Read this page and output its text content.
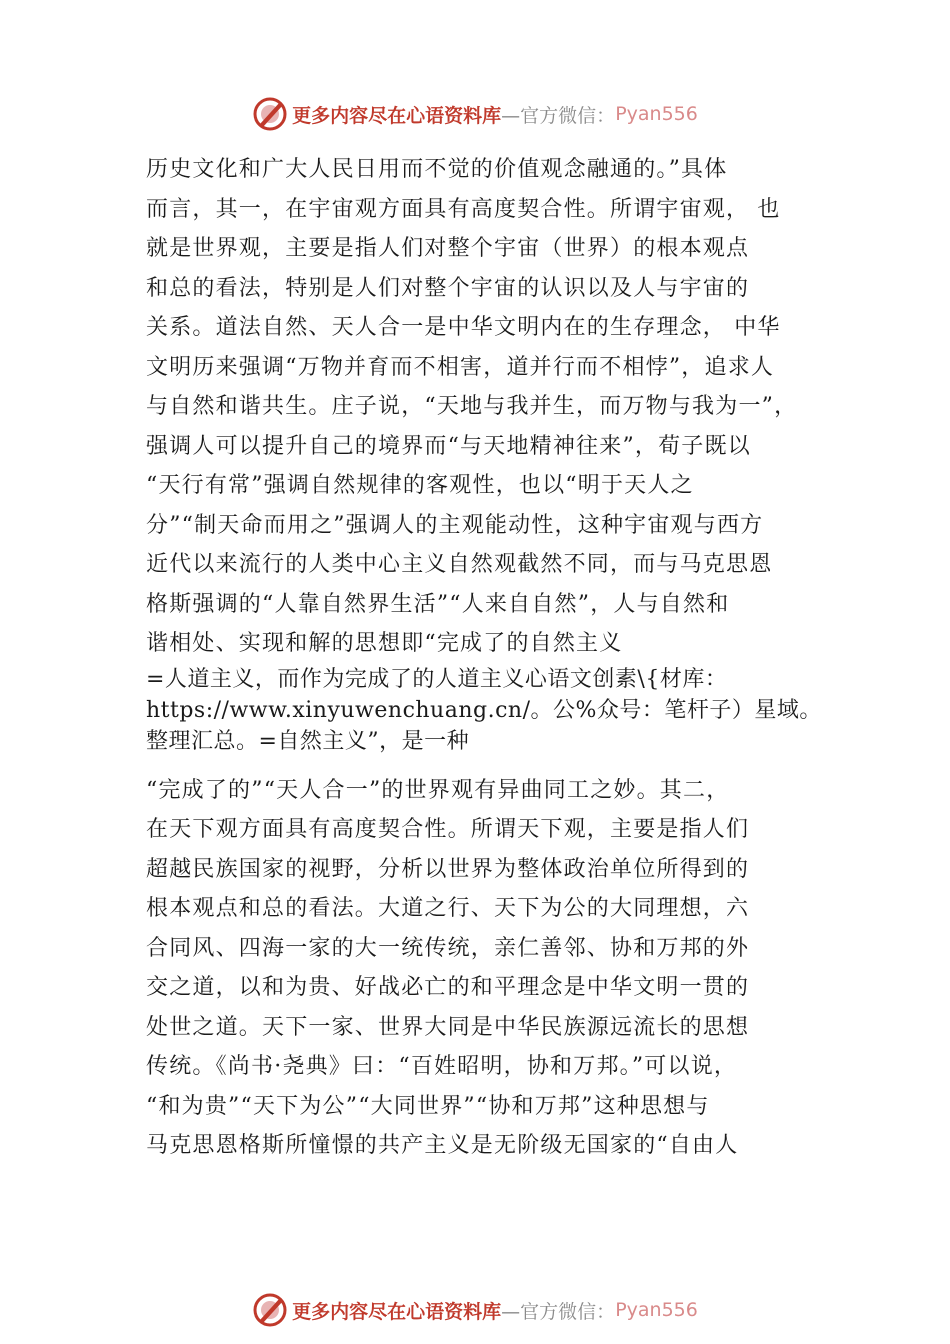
更多内容尽在心语资料库 —官方微信： Pyan556
历史文化和广大人民日用而不觉的价值观念融通的。”具体
而言，其一，在宇宙观方面具有高度契合性。所谓宇宙观， 也
就是世界观，主要是指人们对整个宇宙（世界）的根本观点
和总的看法，特别是人们对整个宇宙的认识以及人与宇宙的
关系。道法自然、天人合一是中华文明内在的生存理念， 中华
文明历来强调“万物并育而不相害，道并行而不相悖”，追求人
与自然和谐共生。庄子说，“天地与我并生，而万物与我为一”，
强调人可以提升自己的境界而“与天地精神往来”，荀子既以
“天行有常”强调自然规律的客观性，也以“明于天人之
分”“制天命而用之”强调人的主观能动性，这种宇宙观与西方
近代以来流行的人类中心主义自然观截然不同，而与马克思恩
格斯强调的“人靠自然界生活”“人来自自然”，人与自然和
谐相处、实现和解的思想即“完成了的自然主义
=人道主义，而作为完成了的人道主义心语文创素\{材库：
https://www.xinyuwenchuang.cn/。公%众号：笔杆子）星域。
整理汇总。=自然主义”，是一种
“完成了的”“天人合一”的世界观有异曲同工之妙。其二，
在天下观方面具有高度契合性。所谓天下观，主要是指人们
超越民族国家的视野，分析以世界为整体政治单位所得到的
根本观点和总的看法。大道之行、天下为公的大同理想，六
合同风、四海一家的大一统传统，亲仁善邻、协和万邦的外
交之道，以和为贵、好战必亡的和平理念是中华文明一贯的
处世之道。天下一家、世界大同是中华民族源远流长的思想
传统。《尚书·尧典》曰：“百姓昭明，协和万邦。”可以说，
“和为贵”“天下为公”“大同世界”“协和万邦”这种思想与
马克思恩格斯所憧憬的共产主义是无阶级无国家的“自由人
更多内容尽在心语资料库 —官方微信： Pyan556
